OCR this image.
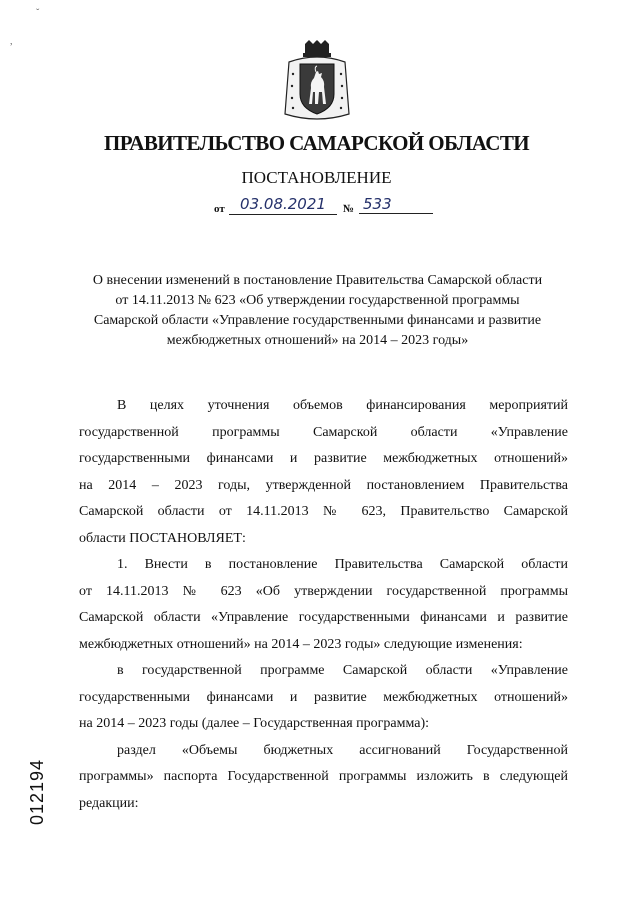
ˇ
,
ПРАВИТЕЛЬСТВО САМАРСКОЙ ОБЛАСТИ
ПОСТАНОВЛЕНИЕ
от	03.08.2021	№ 533
О внесении изменений в постановление Правительства Самарской области
от 14.11.2013 № 623 «Об утверждении государственной программы
Самарской области «Управление государственными финансами и развитие
межбюджетных отношений» на 2014 – 2023 годы»

В целях уточнения объемов финансирования мероприятий
государственной программы Самарской области «Управление
государственными финансами и развитие межбюджетных отношений»
на 2014 – 2023 годы, утвержденной постановлением Правительства
Самарской области от 14.11.2013 № 623, Правительство Самарской
области ПОСТАНОВЛЯЕТ:

1. Внести в постановление Правительства Самарской области
от 14.11.2013 № 623 «Об утверждении государственной программы
Самарской области «Управление государственными финансами и развитие
межбюджетных отношений» на 2014 – 2023 годы» следующие изменения:

в государственной программе Самарской области «Управление
государственными финансами и развитие межбюджетных отношений»
на 2014 – 2023 годы (далее – Государственная программа):

раздел «Объемы бюджетных ассигнований Государственной
программы» паспорта Государственной программы изложить в следующей
редакции:

012194
